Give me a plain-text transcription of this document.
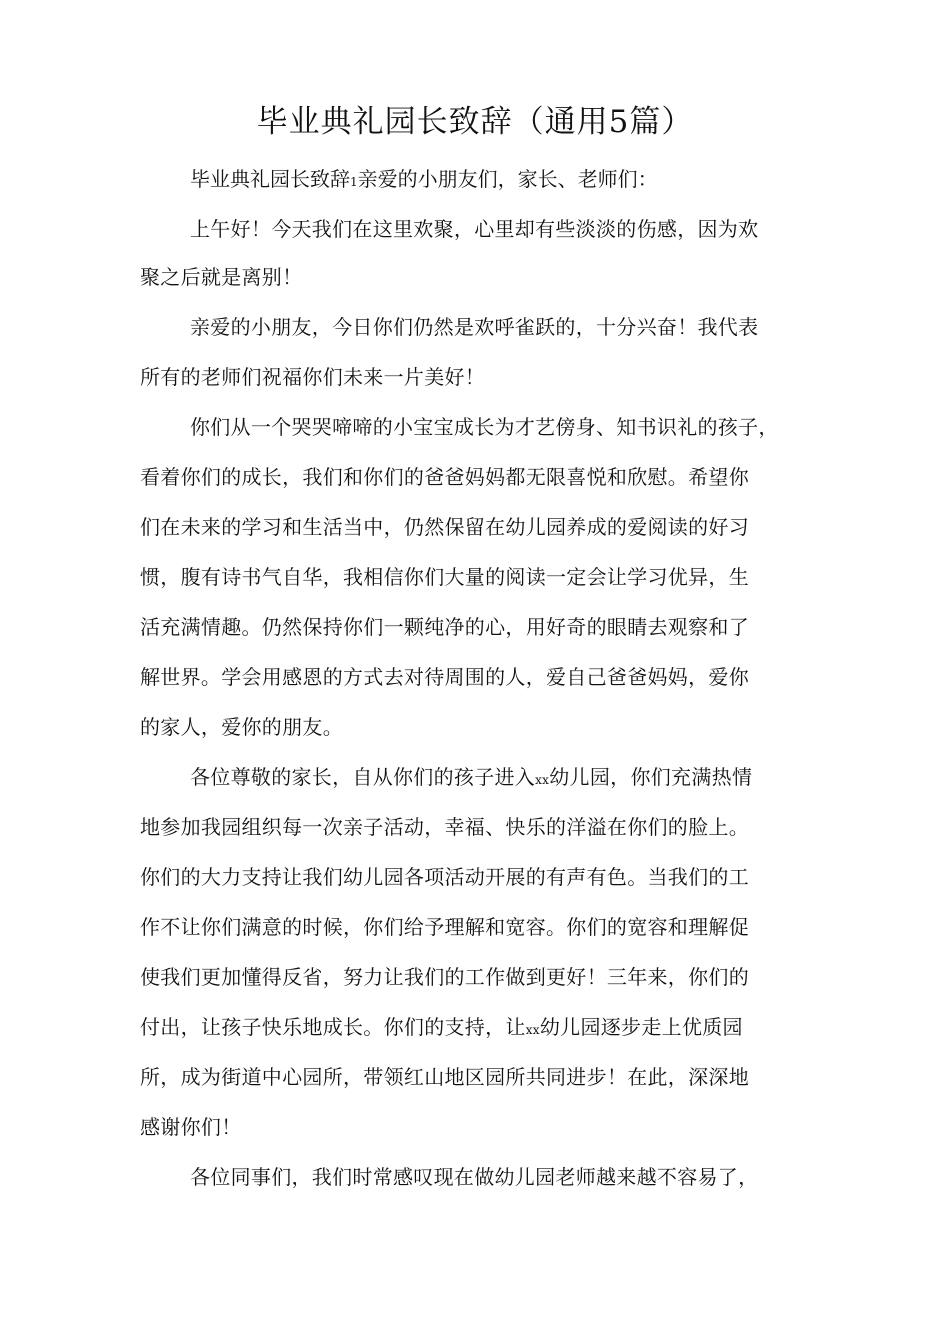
毕业典礼园长致辞（通用5篇）
毕业典礼园长致辞1亲爱的小朋友们，家长、老师们：
上午好！今天我们在这里欢聚，心里却有些淡淡的伤感，因为欢
聚之后就是离别！
亲爱的小朋友，今日你们仍然是欢呼雀跃的，十分兴奋！我代表
所有的老师们祝福你们未来一片美好！
你们从一个哭哭啼啼的小宝宝成长为才艺傍身、知书识礼的孩子，
看着你们的成长，我们和你们的爸爸妈妈都无限喜悦和欣慰。希望你
们在未来的学习和生活当中，仍然保留在幼儿园养成的爱阅读的好习
惯，腹有诗书气自华，我相信你们大量的阅读一定会让学习优异，生
活充满情趣。仍然保持你们一颗纯净的心，用好奇的眼睛去观察和了
解世界。学会用感恩的方式去对待周围的人，爱自己爸爸妈妈，爱你
的家人，爱你的朋友。
各位尊敬的家长，自从你们的孩子进入xx幼儿园，你们充满热情
地参加我园组织每一次亲子活动，幸福、快乐的洋溢在你们的脸上。
你们的大力支持让我们幼儿园各项活动开展的有声有色。当我们的工
作不让你们满意的时候，你们给予理解和宽容。你们的宽容和理解促
使我们更加懂得反省，努力让我们的工作做到更好！三年来，你们的
付出，让孩子快乐地成长。你们的支持，让xx幼儿园逐步走上优质园
所，成为街道中心园所，带领红山地区园所共同进步！在此，深深地
感谢你们！
各位同事们，我们时常感叹现在做幼儿园老师越来越不容易了，
